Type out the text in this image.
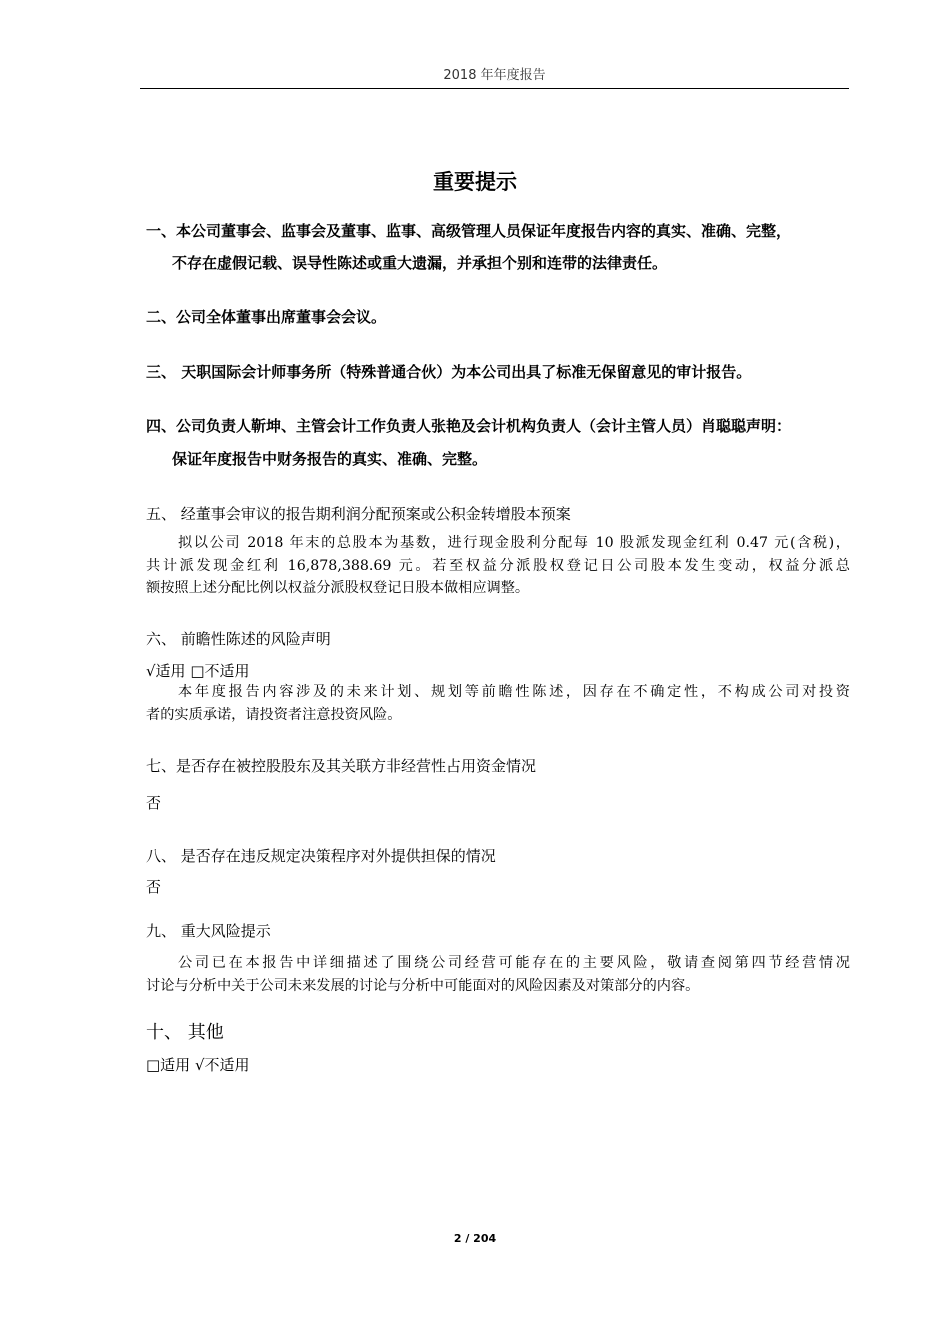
2018 年年度报告
重要提示
一、本公司董事会、监事会及董事、监事、高级管理人员保证年度报告内容的真实、准确、完整，
不存在虚假记载、误导性陈述或重大遗漏，并承担个别和连带的法律责任。
二、公司全体董事出席董事会会议。
三、 天职国际会计师事务所（特殊普通合伙）为本公司出具了标准无保留意见的审计报告。
四、公司负责人靳坤、主管会计工作负责人张艳及会计机构负责人（会计主管人员）肖聪聪声明：
保证年度报告中财务报告的真实、准确、完整。
五、 经董事会审议的报告期利润分配预案或公积金转增股本预案
拟以公司 2018 年末的总股本为基数，进行现金股利分配每 10 股派发现金红利 0.47 元(含税)，
共计派发现金红利 16,878,388.69 元。若至权益分派股权登记日公司股本发生变动，权益分派总
额按照上述分配比例以权益分派股权登记日股本做相应调整。
六、 前瞻性陈述的风险声明
√适用 □不适用
本年度报告内容涉及的未来计划、规划等前瞻性陈述，因存在不确定性，不构成公司对投资
者的实质承诺，请投资者注意投资风险。
七、是否存在被控股股东及其关联方非经营性占用资金情况
否
八、 是否存在违反规定决策程序对外提供担保的情况
否
九、 重大风险提示
公司已在本报告中详细描述了围绕公司经营可能存在的主要风险，敬请查阅第四节经营情况
讨论与分析中关于公司未来发展的讨论与分析中可能面对的风险因素及对策部分的内容。
十、 其他
□适用 √不适用
2 / 204
